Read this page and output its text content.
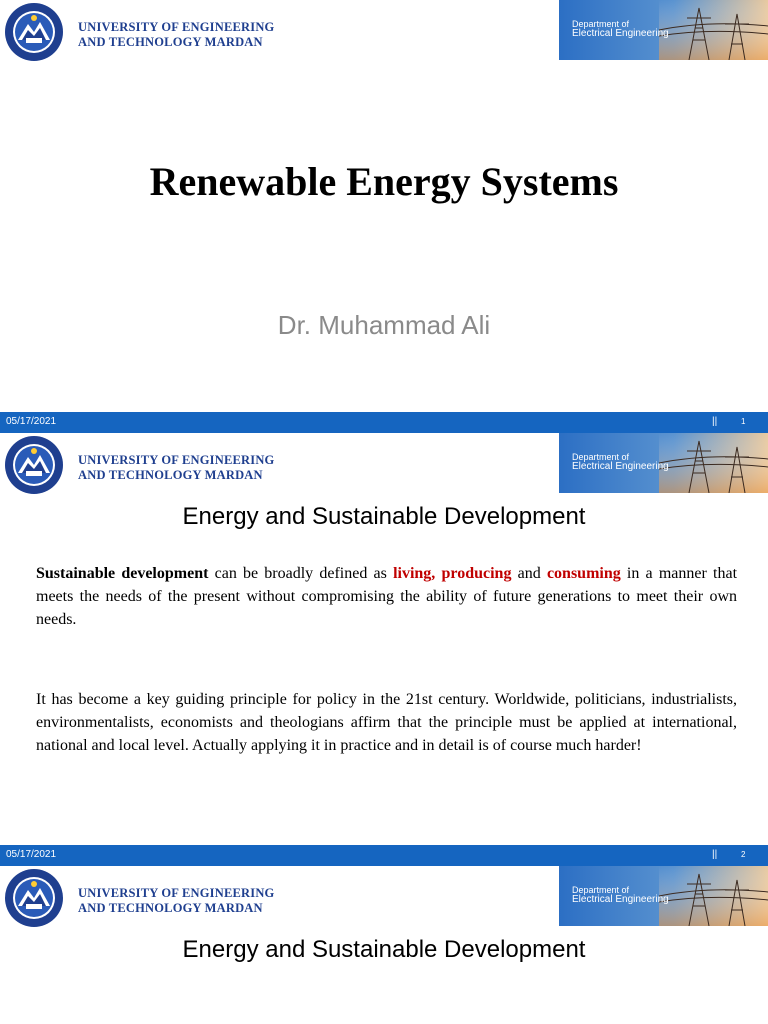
UNIVERSITY OF ENGINEERING
AND TECHNOLOGY MARDAN
Department of
Electrical Engineering
Renewable Energy Systems
Dr. Muhammad Ali
05/17/2021	||	1
UNIVERSITY OF ENGINEERING
AND TECHNOLOGY MARDAN
Department of
Electrical Engineering
Energy and Sustainable Development
Sustainable development can be broadly defined as living, producing and consuming in a manner that meets the needs of the present without compromising the ability of future generations to meet their own needs.
It has become a key guiding principle for policy in the 21st century. Worldwide, politicians, industrialists, environmentalists, economists and theologians affirm that the principle must be applied at international, national and local level. Actually applying it in practice and in detail is of course much harder!
05/17/2021	||	2
UNIVERSITY OF ENGINEERING
AND TECHNOLOGY MARDAN
Department of
Electrical Engineering
Energy and Sustainable Development
